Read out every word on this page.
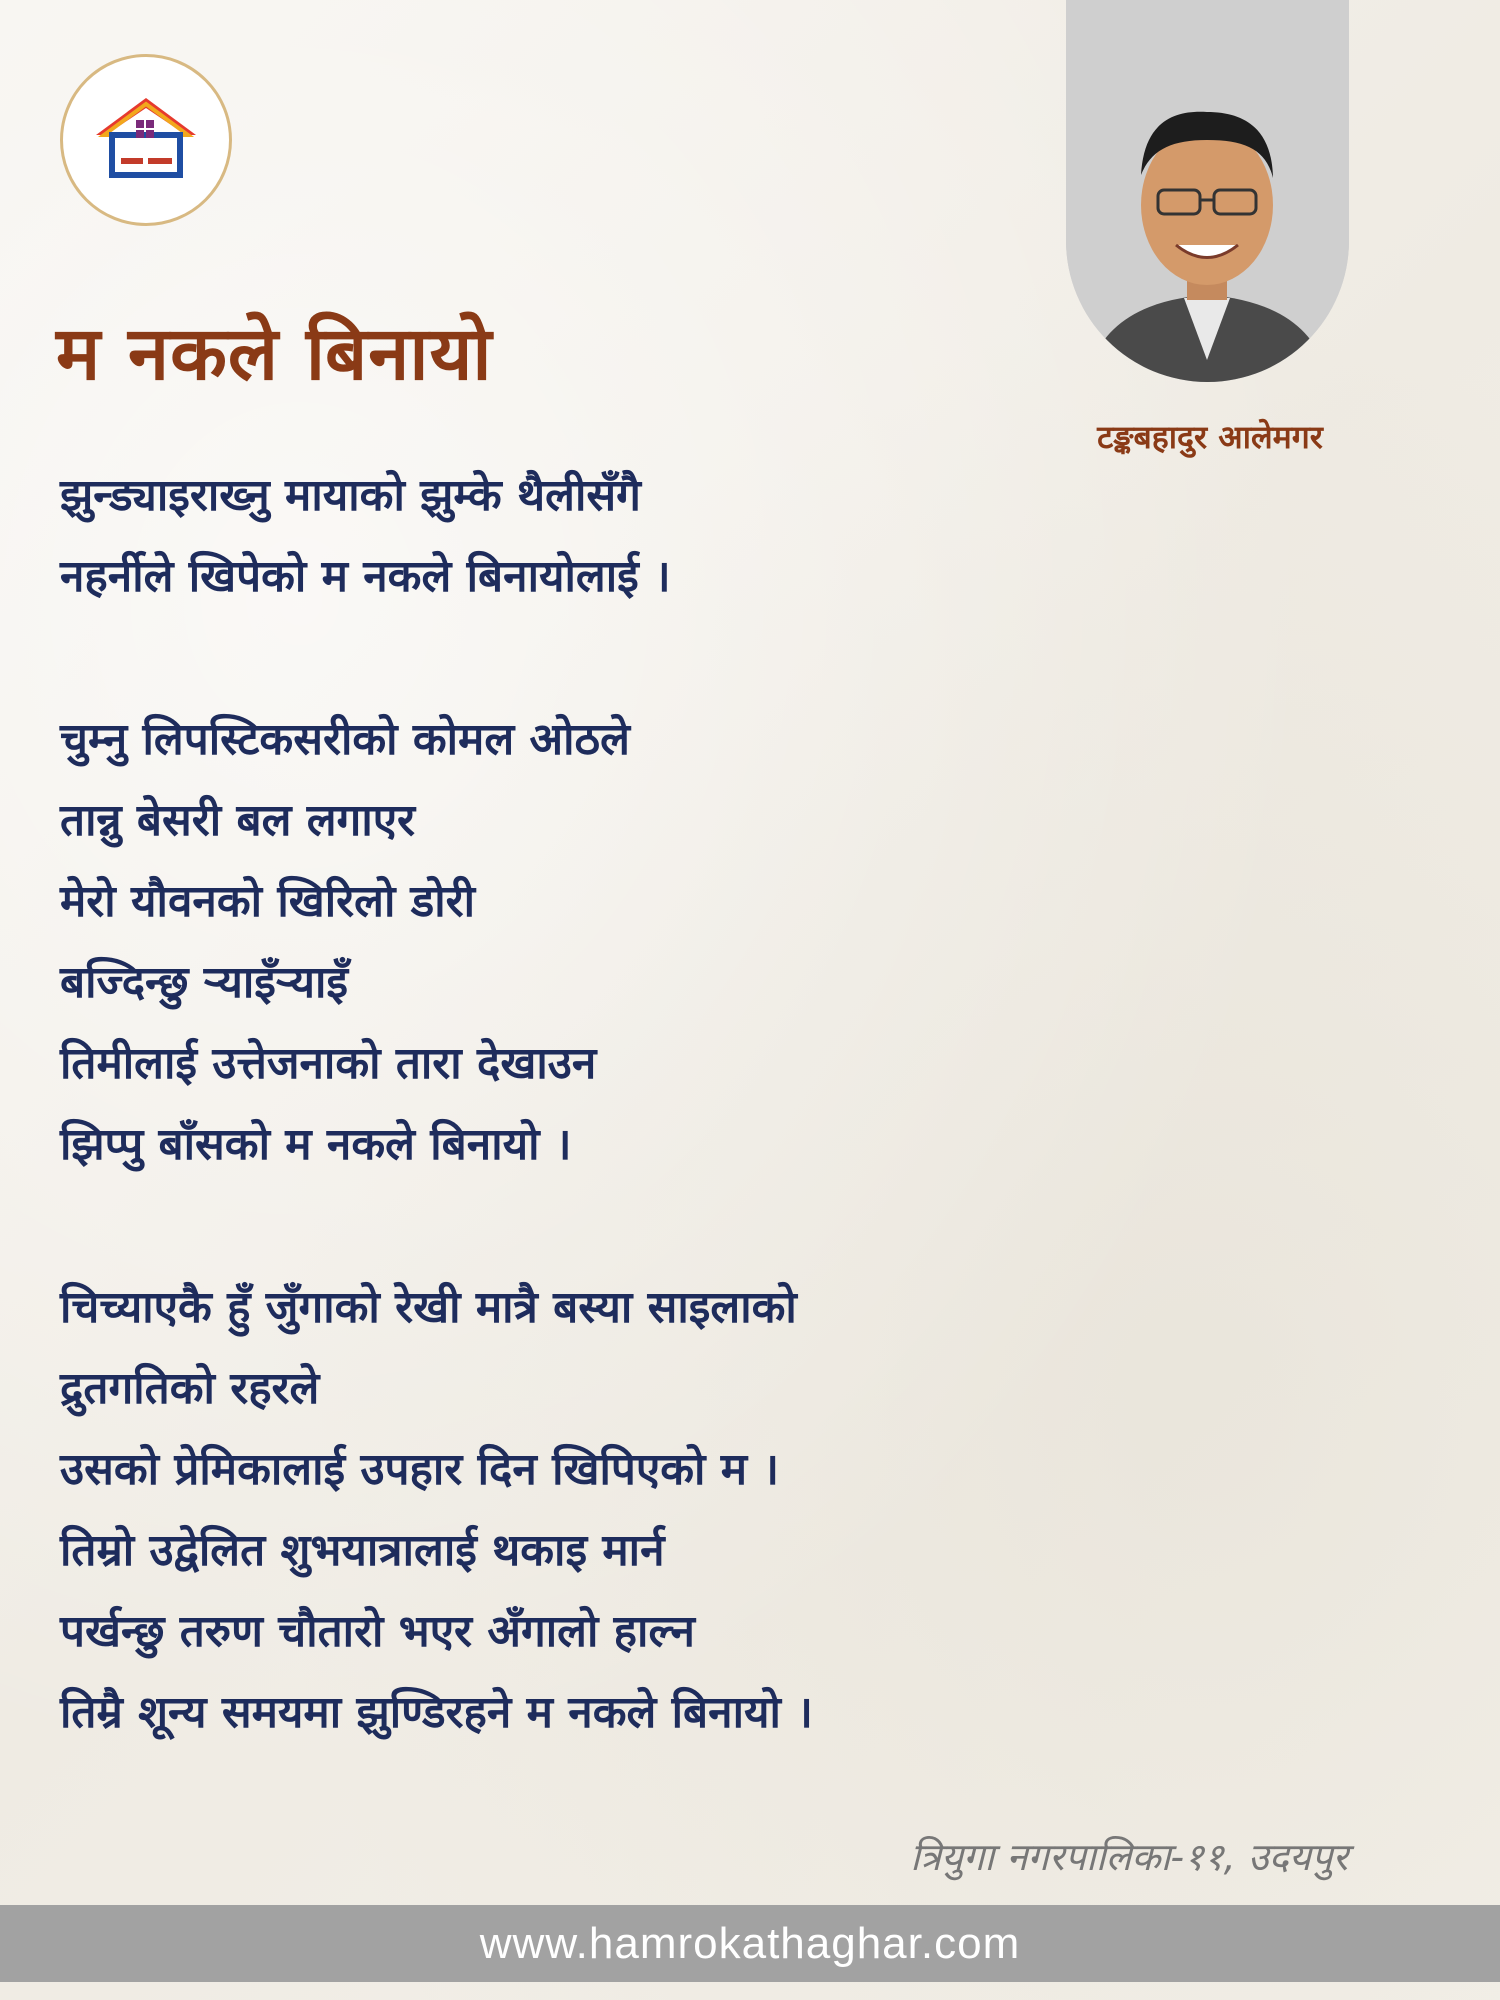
म नकले बिनायो
टङ्कबहादुर आलेमगर
झुन्ड्याइराख्नु मायाको झुम्के थैलीसँगै
नहर्नीले खिपेको म नकले बिनायोलाई ।
चुम्नु लिपस्टिकसरीको कोमल ओठले
तान्नु बेसरी बल लगाएर
मेरो यौवनको खिरिलो डोरी
बज्दिन्छु ऱ्याइँऱ्याइँ
तिमीलाई उत्तेजनाको तारा देखाउन
झिप्पु बाँसको म नकले बिनायो ।
चिच्याएकै हुँ जुँगाको रेखी मात्रै बस्या साइलाको
द्रुतगतिको रहरले
उसको प्रेमिकालाई उपहार दिन खिपिएको म ।
तिम्रो उद्वेलित शुभयात्रालाई थकाइ मार्न
पर्खन्छु तरुण चौतारो भएर अँगालो हाल्न
तिम्रै शून्य समयमा झुण्डिरहने म नकले बिनायो ।
त्रियुगा नगरपालिका-११, उदयपुर
www.hamrokathaghar.com
